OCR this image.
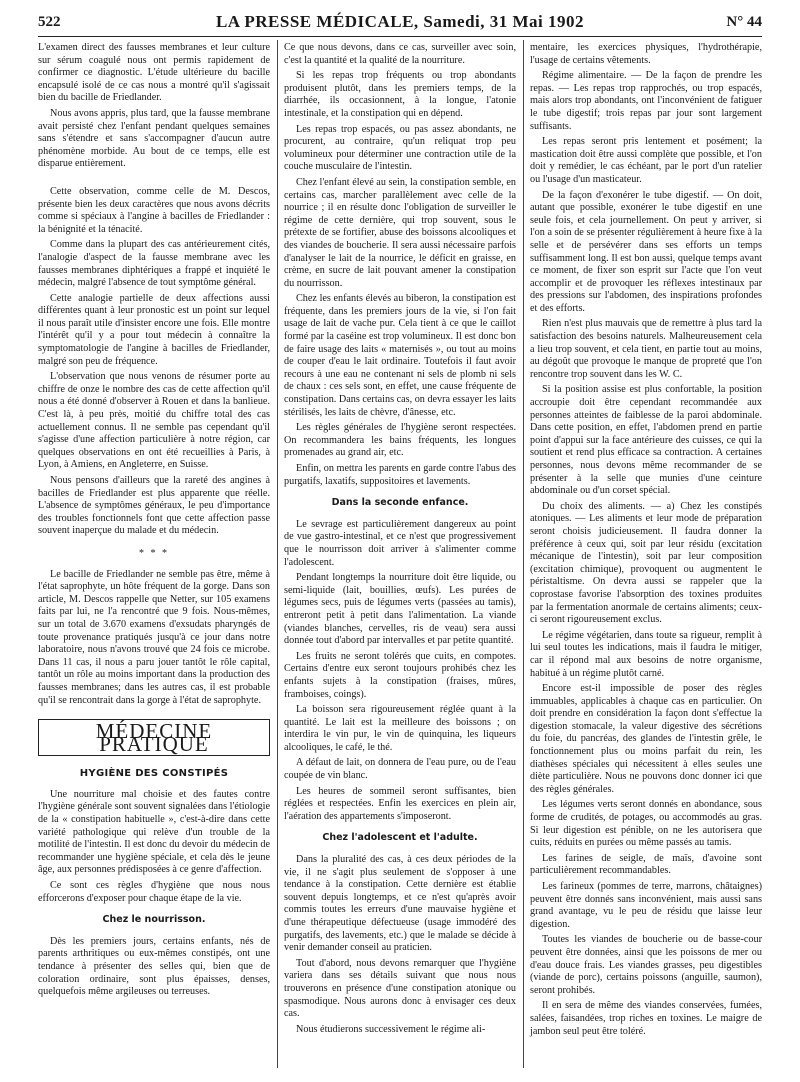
522	LA PRESSE MÉDICALE, Samedi, 31 Mai 1902	N° 44

L'examen direct des fausses membranes et leur culture sur sérum coagulé nous ont permis rapidement de confirmer ce diagnostic. L'étude ultérieure du bacille encapsulé isolé de ce cas nous a montré qu'il s'agissait bien du bacille de Friedlander.

Nous avons appris, plus tard, que la fausse membrane avait persisté chez l'enfant pendant quelques semaines sans s'étendre et sans s'accompagner d'aucun autre phénomène morbide. Au bout de ce temps, elle est disparue entièrement.

Cette observation, comme celle de M. Descos, présente bien les deux caractères que nous avons décrits comme si spéciaux à l'angine à bacilles de Friedlander : la bénignité et la ténacité.

Comme dans la plupart des cas antérieurement cités, l'analogie d'aspect de la fausse membrane avec les fausses membranes diphtériques a frappé et inquiété le médecin, malgré l'absence de tout symptôme général.

Cette analogie partielle de deux affections aussi différentes quant à leur pronostic est un point sur lequel il nous paraît utile d'insister encore une fois. Elle montre l'intérêt qu'il y a pour tout médecin à connaître la symptomatologie de l'angine à bacilles de Friedlander, malgré son peu de fréquence.

L'observation que nous venons de résumer porte au chiffre de onze le nombre des cas de cette affection qu'il nous a été donné d'observer à Rouen et dans la banlieue. C'est là, à peu près, moitié du chiffre total des cas actuellement connus. Il ne semble pas cependant qu'il s'agisse d'une affection particulière à notre région, car quelques observations en ont été recueillies à Paris, à Lyon, à Amiens, en Angleterre, en Suisse.

Nous pensons d'ailleurs que la rareté des angines à bacilles de Friedlander est plus apparente que réelle. L'absence de symptômes généraux, le peu d'importance des troubles fonctionnels font que cette affection passe souvent inaperçue du malade et du médecin.

* * *

Le bacille de Friedlander ne semble pas être, même à l'état saprophyte, un hôte fréquent de la gorge. Dans son article, M. Descos rappelle que Netter, sur 105 examens faits par lui, ne l'a rencontré que 9 fois. Nous-mêmes, sur un total de 3.670 examens d'exsudats pharyngés de toute provenance pratiqués jusqu'à ce jour dans notre laboratoire, nous n'avons trouvé que 24 fois ce microbe. Dans 11 cas, il nous a paru jouer tantôt le rôle capital, tantôt un rôle au moins important dans la production des fausses membranes; dans les autres cas, il est probable qu'il se rencontrait dans la gorge à l'état de saprophyte.

MÉDECINE PRATIQUE
HYGIÈNE DES CONSTIPÉS

Une nourriture mal choisie et des fautes contre l'hygiène générale sont souvent signalées dans l'étiologie de la « constipation habituelle », c'est-à-dire dans cette variété pathologique qui relève d'un trouble de la motilité de l'intestin. Il est donc du devoir du médecin de recommander une hygiène spéciale, et cela dès le jeune âge, aux personnes prédisposées à ce genre d'affection.

Ce sont ces règles d'hygiène que nous nous efforcerons d'exposer pour chaque étape de la vie.

Chez le nourrisson.

Dès les premiers jours, certains enfants, nés de parents arthritiques ou eux-mêmes constipés, ont une tendance à présenter des selles qui, bien que de coloration ordinaire, sont plus épaisses, denses, quelquefois même argileuses ou terreuses.

Ce que nous devons, dans ce cas, surveiller avec soin, c'est la quantité et la qualité de la nourriture.

Si les repas trop fréquents ou trop abondants produisent plutôt, dans les premiers temps, de la diarrhée, ils occasionnent, à la longue, l'atonie intestinale, et la constipation qui en dépend.

Les repas trop espacés, ou pas assez abondants, ne procurent, au contraire, qu'un reliquat trop peu volumineux pour déterminer une contraction utile de la couche musculaire de l'intestin.

Chez l'enfant élevé au sein, la constipation semble, en certains cas, marcher parallèlement avec celle de la nourrice ; il en résulte donc l'obligation de surveiller le régime de cette dernière, qui trop souvent, sous le prétexte de se fortifier, abuse des boissons alcooliques et des viandes de boucherie. Il sera aussi nécessaire parfois d'analyser le lait de la nourrice, le déficit en graisse, en crème, en sucre de lait pouvant amener la constipation du nourrisson.

Chez les enfants élevés au biberon, la constipation est fréquente, dans les premiers jours de la vie, si l'on fait usage de lait de vache pur. Cela tient à ce que le caillot formé par la caséine est trop volumineux. Il est donc bon de faire usage des laits « maternisés », ou tout au moins de couper d'eau le lait ordinaire. Toutefois il faut avoir recours à une eau ne contenant ni sels de plomb ni sels de chaux : ces sels sont, en effet, une cause fréquente de constipation. Dans certains cas, on devra essayer les laits stérilisés, les laits de chèvre, d'ânesse, etc.

Les règles générales de l'hygiène seront respectées. On recommandera les bains fréquents, les longues promenades au grand air, etc.

Enfin, on mettra les parents en garde contre l'abus des purgatifs, laxatifs, suppositoires et lavements.

Dans la seconde enfance.

Le sevrage est particulièrement dangereux au point de vue gastro-intestinal, et ce n'est que progressivement que le nourrisson doit arriver à s'alimenter comme l'adolescent.

Pendant longtemps la nourriture doit être liquide, ou semi-liquide (lait, bouillies, œufs). Les purées de légumes secs, puis de légumes verts (passées au tamis), entreront petit à petit dans l'alimentation. La viande (viandes blanches, cervelles, ris de veau) sera aussi donnée tout d'abord par intervalles et par petite quantité.

Les fruits ne seront tolérés que cuits, en compotes. Certains d'entre eux seront toujours prohibés chez les enfants sujets à la constipation (fraises, mûres, framboises, coings).

La boisson sera rigoureusement réglée quant à la quantité. Le lait est la meilleure des boissons ; on interdira le vin pur, le vin de quinquina, les liqueurs alcooliques, le café, le thé.

A défaut de lait, on donnera de l'eau pure, ou de l'eau coupée de vin blanc.

Les heures de sommeil seront suffisantes, bien réglées et respectées. Enfin les exercices en plein air, l'aération des appartements s'imposeront.

Chez l'adolescent et l'adulte.

Dans la pluralité des cas, à ces deux périodes de la vie, il ne s'agit plus seulement de s'opposer à une tendance à la constipation. Cette dernière est établie souvent depuis longtemps, et ce n'est qu'après avoir commis toutes les erreurs d'une mauvaise hygiène et d'une thérapeutique défectueuse (usage immodéré des purgatifs, des lavements, etc.) que le malade se décide à venir demander conseil au praticien.

Tout d'abord, nous devons remarquer que l'hygiène variera dans ses détails suivant que nous nous trouverons en présence d'une constipation atonique ou spasmodique. Nous aurons donc à envisager ces deux cas.

Nous étudierons successivement le régime ali-

mentaire, les exercices physiques, l'hydrothérapie, l'usage de certains vêtements.

Régime alimentaire. — De la façon de prendre les repas. — Les repas trop rapprochés, ou trop espacés, mais alors trop abondants, ont l'inconvénient de fatiguer le tube digestif; trois repas par jour sont largement suffisants.

Les repas seront pris lentement et posément; la mastication doit être aussi complète que possible, et l'on doit y remédier, le cas échéant, par le port d'un ratelier ou l'usage d'un masticateur.

De la façon d'exonérer le tube digestif. — On doit, autant que possible, exonérer le tube digestif en une seule fois, et cela journellement. On peut y arriver, si l'on a soin de se présenter régulièrement à heure fixe à la selle et de persévérer dans ses efforts un temps suffisamment long. Il est bon aussi, quelque temps avant ce moment, de fixer son esprit sur l'acte que l'on veut accomplir et de provoquer les réflexes intestinaux par des pressions sur l'abdomen, des inspirations profondes et des efforts.

Rien n'est plus mauvais que de remettre à plus tard la satisfaction des besoins naturels. Malheureusement cela a lieu trop souvent, et cela tient, en partie tout au moins, au dégoût que provoque le manque de propreté que l'on rencontre trop souvent dans les W. C.

Si la position assise est plus confortable, la position accroupie doit être cependant recommandée aux personnes atteintes de faiblesse de la paroi abdominale. Dans cette position, en effet, l'abdomen prend en partie point d'appui sur la face antérieure des cuisses, ce qui la soutient et rend plus efficace sa contraction. A certaines personnes, nous devons même recommander de se présenter à la selle que munies d'une ceinture abdominale ou d'un corset spécial.

Du choix des aliments. — a) Chez les constipés atoniques. — Les aliments et leur mode de préparation seront choisis judicieusement. Il faudra donner la préférence à ceux qui, soit par leur résidu (excitation mécanique de l'intestin), soit par leur composition (excitation chimique), provoquent ou augmentent le péristaltisme. On devra aussi se rappeler que la coprostase favorise l'absorption des toxines produites par la fermentation anormale de certains aliments; ceux-ci seront rigoureusement exclus.

Le régime végétarien, dans toute sa rigueur, remplit à lui seul toutes les indications, mais il faudra le mitiger, car il répond mal aux besoins de notre organisme, habitué à un régime plutôt carné.

Encore est-il impossible de poser des règles immuables, applicables à chaque cas en particulier. On doit prendre en considération la façon dont s'effectue la digestion stomacale, la valeur digestive des sécrétions du foie, du pancréas, des glandes de l'intestin grêle, le fonctionnement plus ou moins parfait du rein, les diathèses spéciales qui nécessitent à elles seules une diète particulière. Nous ne pouvons donc donner ici que des règles générales.

Les légumes verts seront donnés en abondance, sous forme de crudités, de potages, ou accommodés au gras. Si leur digestion est pénible, on ne les autorisera que cuits, réduits en purées ou même passés au tamis.

Les farines de seigle, de maïs, d'avoine sont particulièrement recommandables.

Les farineux (pommes de terre, marrons, châtaignes) peuvent être donnés sans inconvénient, mais aussi sans grand avantage, vu le peu de résidu que laisse leur digestion.

Toutes les viandes de boucherie ou de basse-cour peuvent être données, ainsi que les poissons de mer ou d'eau douce frais. Les viandes grasses, peu digestibles (viande de porc), certains poissons (anguille, saumon), seront prohibés.

Il en sera de même des viandes conservées, fumées, salées, faisandées, trop riches en toxines. Le maigre de jambon seul peut être toléré.
